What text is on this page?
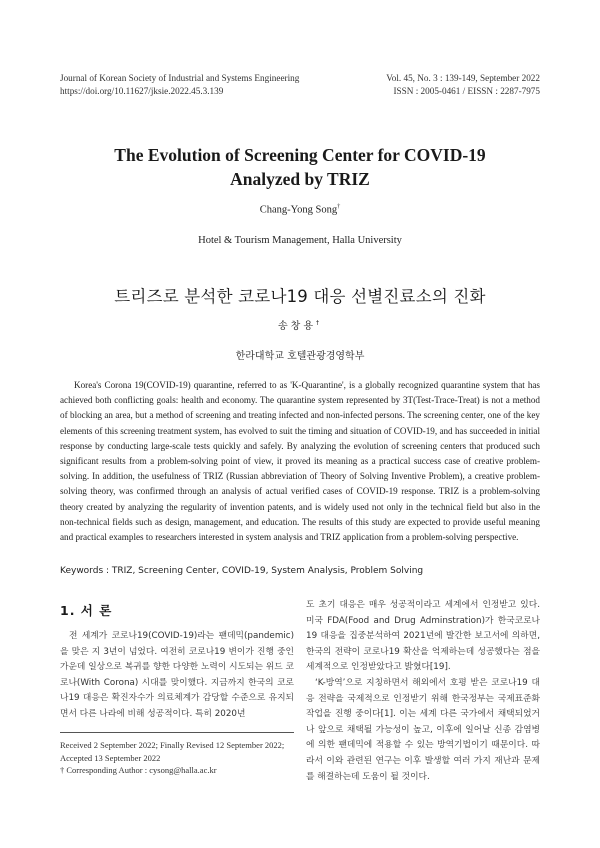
Journal of Korean Society of Industrial and Systems Engineering
https://doi.org/10.11627/jksie.2022.45.3.139
Vol. 45, No. 3 : 139-149, September 2022
ISSN : 2005-0461 / EISSN : 2287-7975
The Evolution of Screening Center for COVID-19
Analyzed by TRIZ
Chang-Yong Song†
Hotel & Tourism Management, Halla University
트리즈로 분석한 코로나19 대응 선별진료소의 진화
송창용†
한라대학교 호텔관광경영학부
Korea's Corona 19(COVID-19) quarantine, referred to as 'K-Quarantine', is a globally recognized quarantine system that has achieved both conflicting goals: health and economy. The quarantine system represented by 3T(Test-Trace-Treat) is not a method of blocking an area, but a method of screening and treating infected and non-infected persons. The screening center, one of the key elements of this screening treatment system, has evolved to suit the timing and situation of COVID-19, and has succeeded in initial response by conducting large-scale tests quickly and safely. By analyzing the evolution of screening centers that produced such significant results from a problem-solving point of view, it proved its meaning as a practical success case of creative problem-solving. In addition, the usefulness of TRIZ (Russian abbreviation of Theory of Solving Inventive Problem), a creative problem-solving theory, was confirmed through an analysis of actual verified cases of COVID-19 response. TRIZ is a problem-solving theory created by analyzing the regularity of invention patents, and is widely used not only in the technical field but also in the non-technical fields such as design, management, and education. The results of this study are expected to provide useful meaning and practical examples to researchers interested in system analysis and TRIZ application from a problem-solving perspective.
Keywords : TRIZ, Screening Center, COVID-19, System Analysis, Problem Solving
1. 서 론

전 세계가 코로나19(COVID-19)라는 팬데믹(pandemic)을 맞은 지 3년이 넘었다. 여전히 코로나19 변이가 진행 중인 가운데 일상으로 복귀를 향한 다양한 노력이 시도되는 위드 코로나(With Corona) 시대를 맞이했다. 지금까지 한국의 코로나19 대응은 확진자수가 의료체계가 감당할 수준으로 유지되면서 다른 나라에 비해 성공적이다. 특히 2020년

Received 2 September 2022; Finally Revised 12 September 2022; Accepted 13 September 2022
† Corresponding Author : cysong@halla.ac.kr

도 초기 대응은 매우 성공적이라고 세계에서 인정받고 있다. 미국 FDA(Food and Drug Adminstration)가 한국코로나19 대응을 집중분석하여 2021년에 발간한 보고서에 의하면, 한국의 전략이 코로나19 확산을 억제하는데 성공했다는 점을 세계적으로 인정받았다고 밝혔다[19].

‘K-방역’으로 지칭하면서 해외에서 호평 받은 코로나19 대응 전략을 국제적으로 인정받기 위해 한국정부는 국제표준화 작업을 진행 중이다[1]. 이는 세계 다른 국가에서 채택되었거나 앞으로 채택될 가능성이 높고, 이후에 일어날 신종 감염병에 의한 팬데믹에 적용할 수 있는 방역기법이기 때문이다. 따라서 이와 관련된 연구는 이후 발생할 여러 가지 재난과 문제를 해결하는데 도움이 될 것이다.
